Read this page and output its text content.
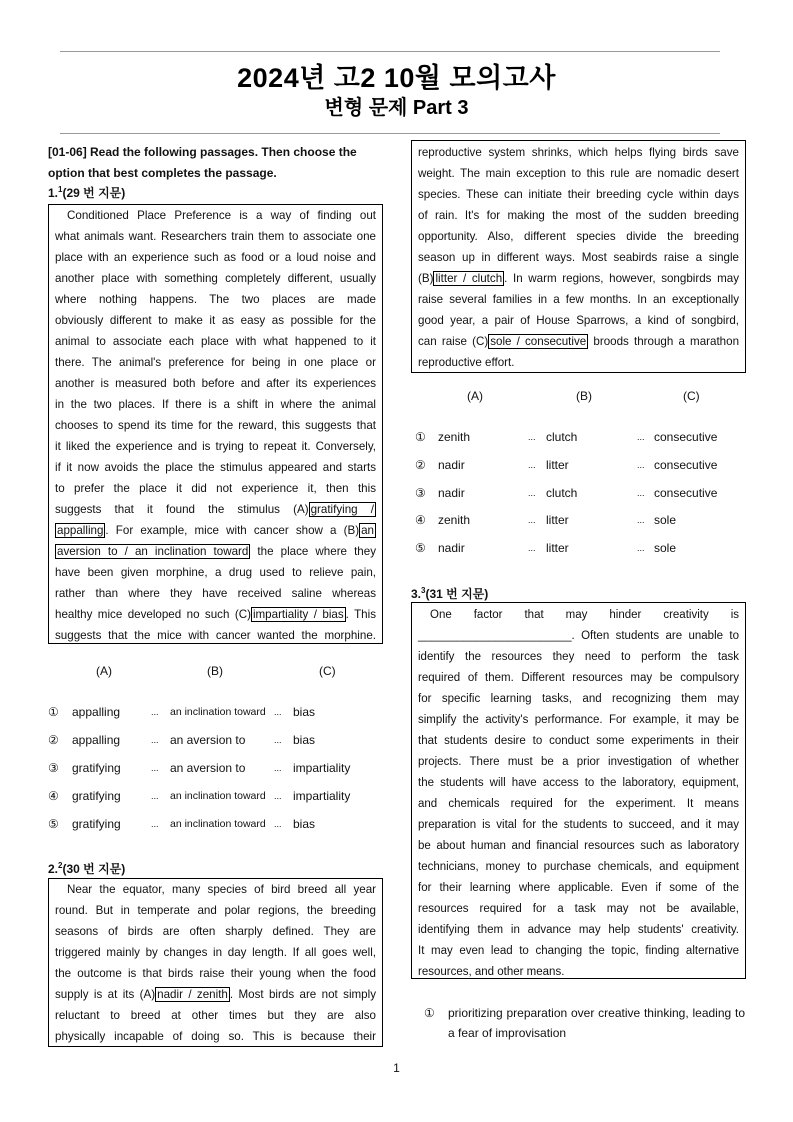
2024년 고2 10월 모의고사
변형 문제 Part 3
[01-06] Read the following passages. Then choose the option that best completes the passage.
1.$^1$(29 번 지문)
Conditioned Place Preference is a way of finding out
what animals want. Researchers train them to associate one
place with an experience such as food or a loud noise and
another place with something completely different, usually
where nothing happens. The two places are made
obviously different to make it as easy as possible for the
animal to associate each place with what happened to it
there. The animal's preference for being in one place or
another is measured both before and after its experiences
in the two places. If there is a shift in where the animal
chooses to spend its time for the reward, this suggests that
it liked the experience and is trying to repeat it. Conversely,
if it now avoids the place the stimulus appeared and starts
to prefer the place it did not experience it, then this
suggests that it found the stimulus (A) gratifying /
appalling . For example, mice with cancer show a (B) an
aversion to / an inclination toward the place where they
have been given morphine, a drug used to relieve pain,
rather than where they have received saline whereas
healthy mice developed no such (C) impartiality / bias . This
suggests that the mice with cancer wanted the morphine.
2.$^2$(30 번 지문)
Near the equator, many species of bird breed all year
round. But in temperate and polar regions, the breeding
seasons of birds are often sharply defined. They are
triggered mainly by changes in day length. If all goes well,
the outcome is that birds raise their young when the food
supply is at its (A) nadir / zenith . Most birds are not simply
reluctant to breed at other times but they are also
physically incapable of doing so. This is because their
reproductive system shrinks, which helps flying birds save
weight. The main exception to this rule are nomadic desert
species. These can initiate their breeding cycle within days
of rain. It's for making the most of the sudden breeding
opportunity. Also, different species divide the breeding
season up in different ways. Most seabirds raise a single
(B) litter / clutch . In warm regions, however, songbirds may
raise several families in a few months. In an exceptionally
good year, a pair of House Sparrows, a kind of songbird,
can raise (C) sole / consecutive broods through a marathon
reproductive effort.
3.$^3$(31 번 지문)
One factor that may hinder creativity is
________________________. Often students are unable to
identify the resources they need to perform the task
required of them. Different resources may be compulsory
for specific learning tasks, and recognizing them may
simplify the activity's performance. For example, it may be
that students desire to conduct some experiments in their
projects. There must be a prior investigation of whether
the students will have access to the laboratory, equipment,
and chemicals required for the experiment. It means
preparation is vital for the students to succeed, and it may
be about human and financial resources such as laboratory
technicians, money to purchase chemicals, and equipment
for their learning where applicable. Even if some of the
resources required for a task may not be available,
identifying them in advance may help students' creativity.
It may even lead to changing the topic, finding alternative
resources, and other means.
① prioritizing preparation over creative thinking, leading to a fear of improvisation
1
(A)	(B)	(C)
① appalling	... an inclination toward ... bias
② appalling	... an aversion to	... bias
③ gratifying	... an aversion to	... impartiality
④ gratifying	... an inclination toward ... impartiality
⑤ gratifying	... an inclination toward ... bias
(A)	(B)	(C)
① zenith	... clutch	... consecutive
② nadir	... litter	... consecutive
③ nadir	... clutch	... consecutive
④ zenith	... litter	... sole
⑤ nadir	... litter	... sole
